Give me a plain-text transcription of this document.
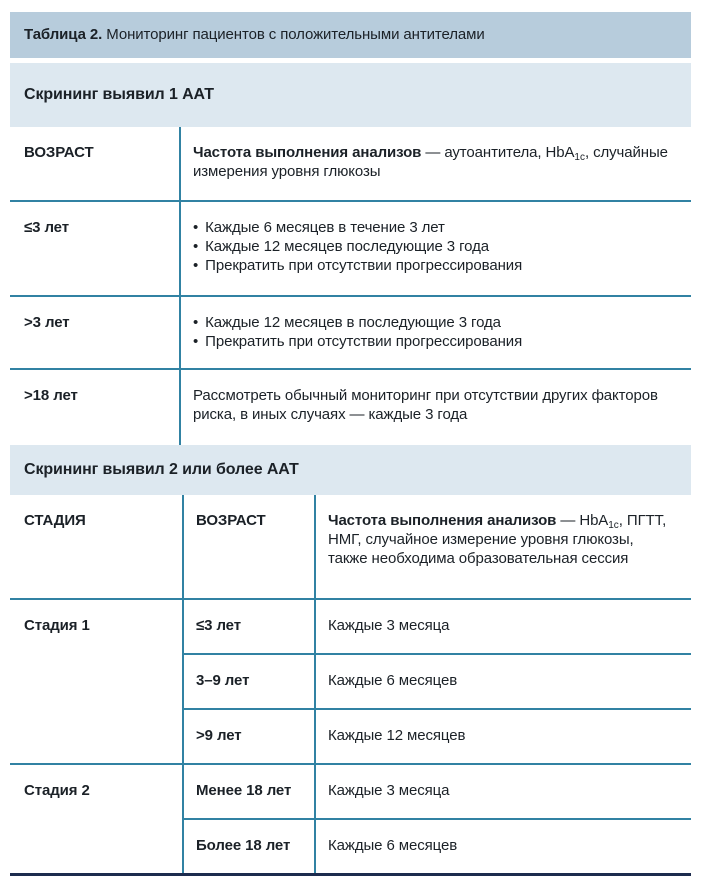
Таблица 2. Мониторинг пациентов с положительными антителами
Скрининг выявил 1 ААТ
ВОЗРАСТ	Частота выполнения анализов — аутоантитела, HbA$_{1c}$, случайные измерения уровня глюкозы
≤3 лет	• Каждые 6 месяцев в течение 3 лет
• Каждые 12 месяцев последующие 3 года
• Прекратить при отсутствии прогрессирования

>3 лет	• Каждые 12 месяцев в последующие 3 года
• Прекратить при отсутствии прогрессирования

>18 лет	Рассмотреть обычный мониторинг при отсутствии других факторов риска, в иных случаях — каждые 3 года
Скрининг выявил 2 или более ААТ
СТАДИЯ	ВОЗРАСТ	Частота выполнения анализов — HbA$_{1c}$, ПГТТ, НМГ, случайное измерение уровня глюкозы, также необходима образовательная сессия
Стадия 1	≤3 лет	Каждые 3 месяца
	3–9 лет	Каждые 6 месяцев
	>9 лет	Каждые 12 месяцев
Стадия 2	Менее 18 лет	Каждые 3 месяца
	Более 18 лет	Каждые 6 месяцев
